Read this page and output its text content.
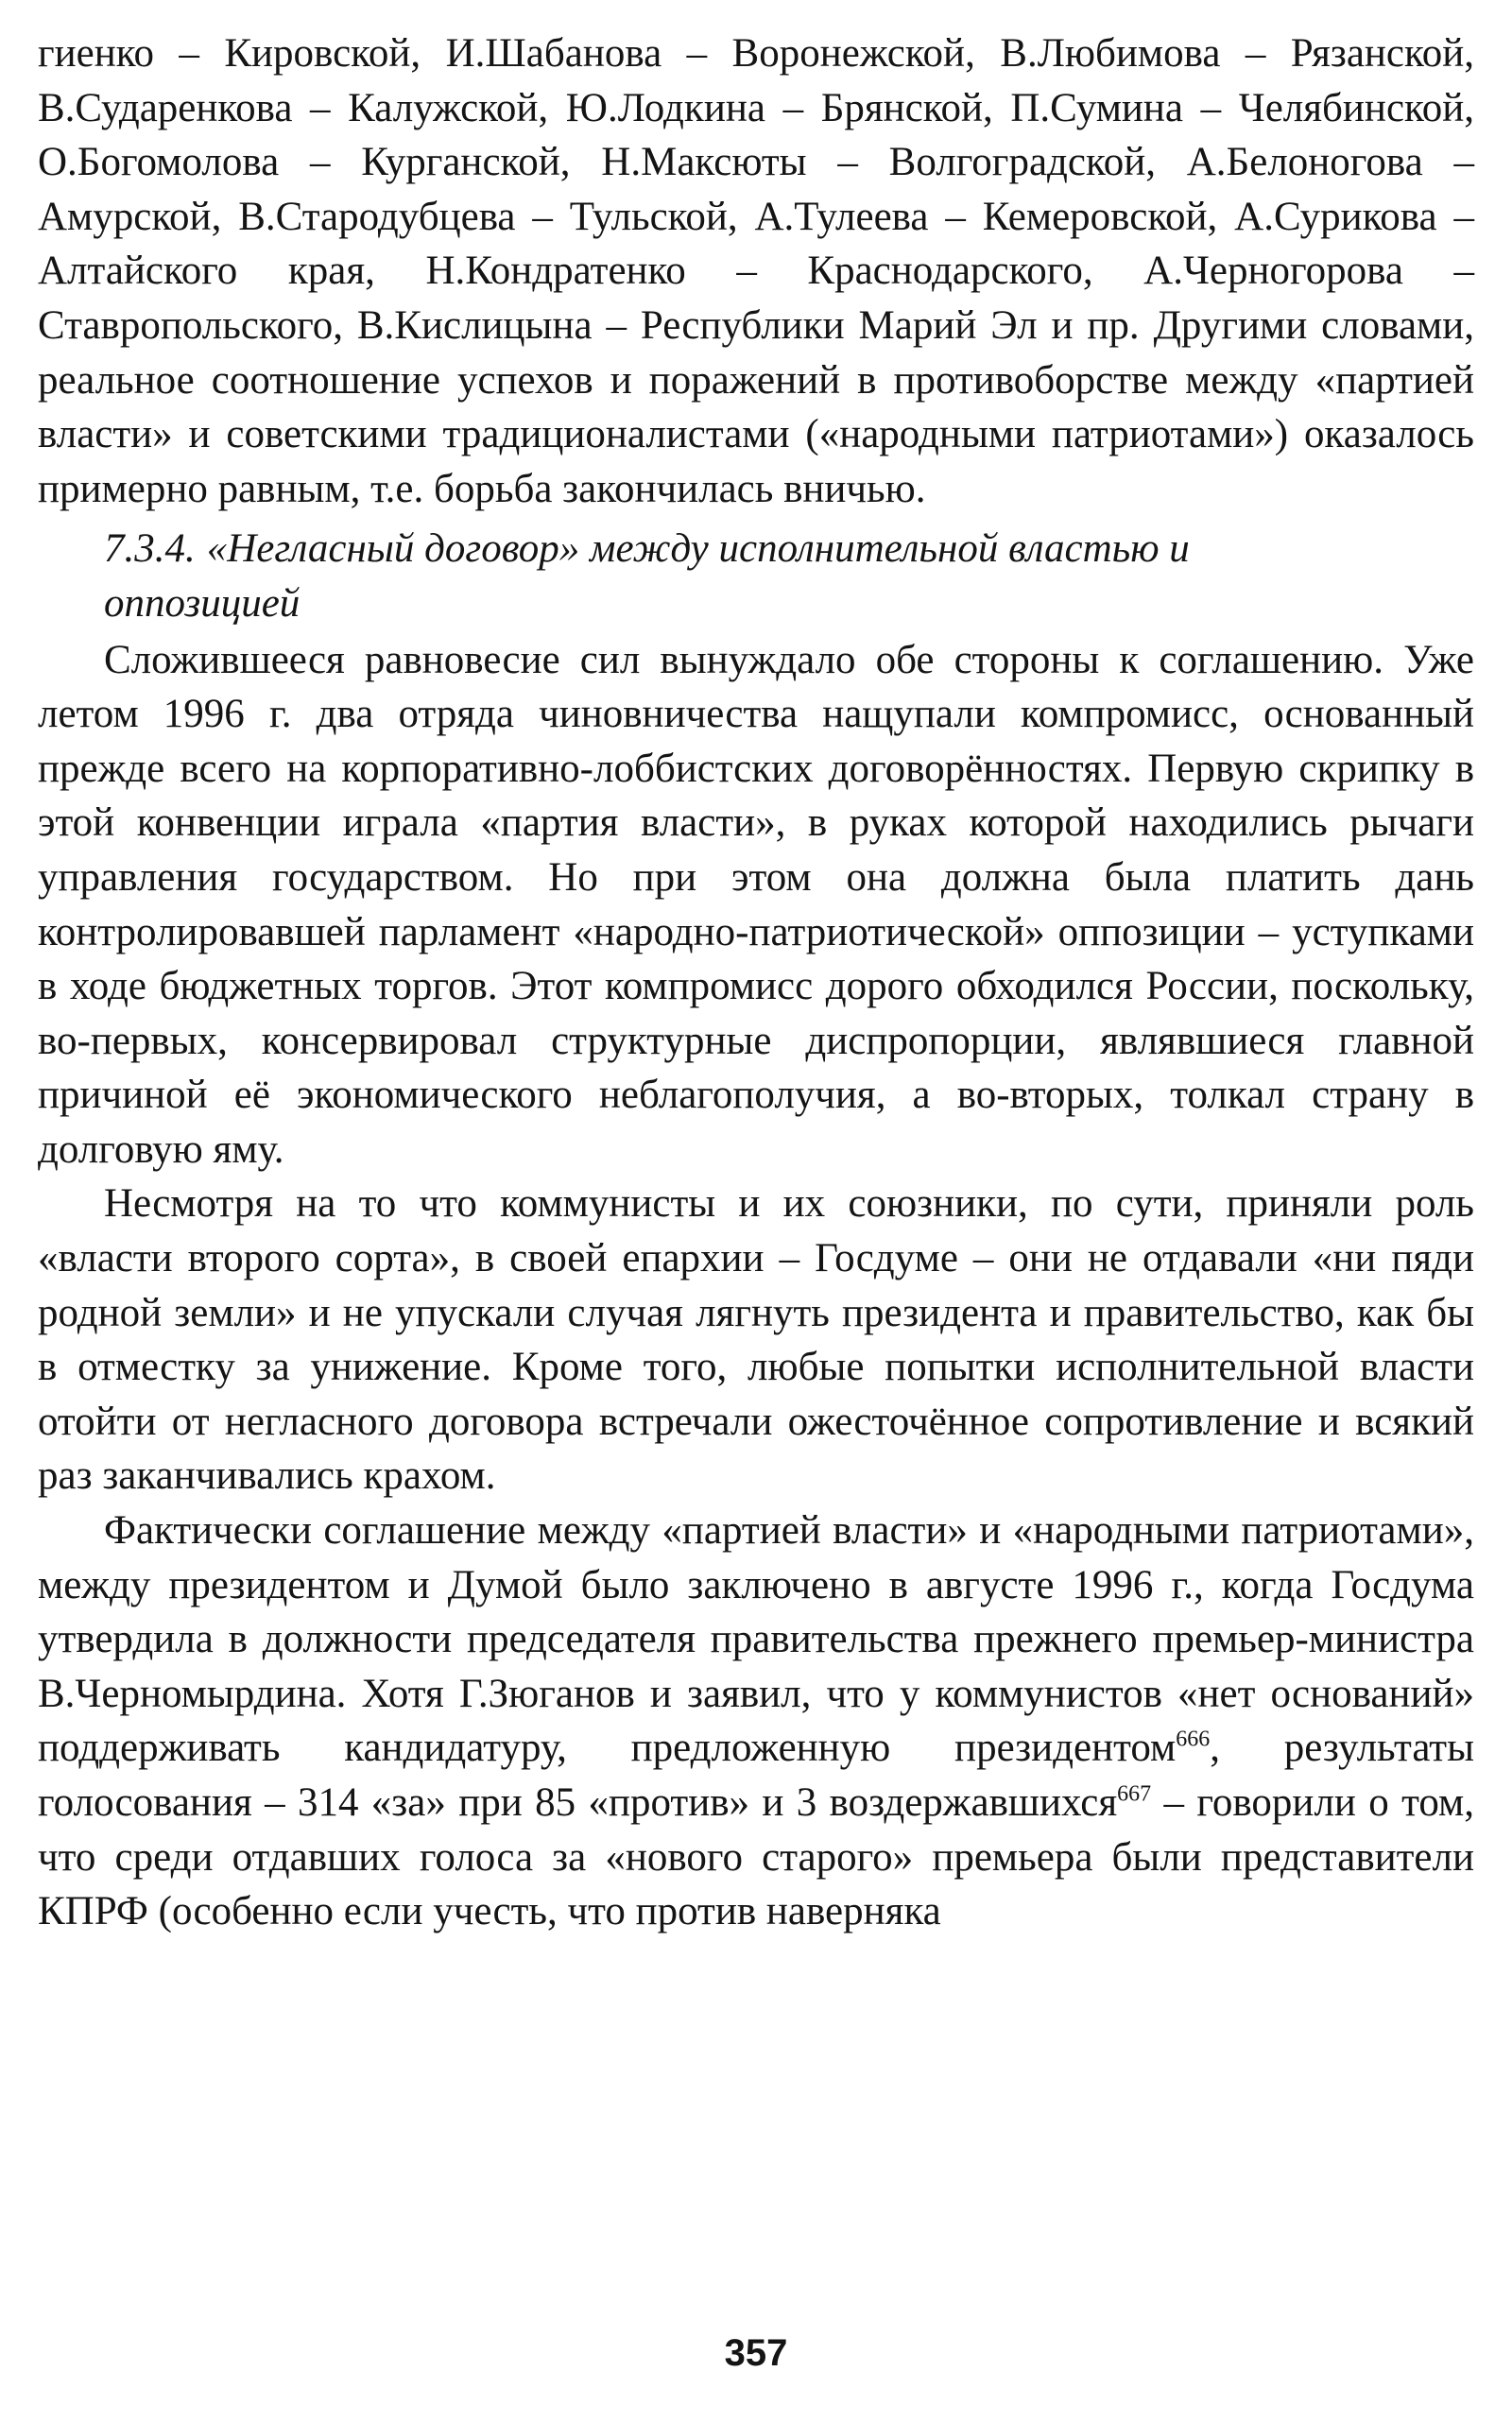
гиенко – Кировской, И.Шабанова – Воронежской, В.Любимова – Рязанской, В.Судаpенкова – Калужской, Ю.Лодкина – Брянской, П.Сумина – Челябинской, О.Богомолова – Курганской, Н.Максюты – Волгоградской, А.Белоногова – Амурской, В.Стародубцева – Тульской, А.Тулеева – Кемеровской, А.Сурикова – Алтайского края, Н.Кондратенко – Краснодарского, А.Черногорова – Ставропольского, В.Кислицына – Республики Марий Эл и пр. Другими словами, реальное соотношение успехов и поражений в противоборстве между «партией власти» и советскими традиционалистами («народными патриотами») оказалось примерно равным, т.е. борьба закончилась вничью.

7.3.4. «Негласный договор» между исполнительной властью и оппозицией

Сложившееся равновесие сил вынуждало обе стороны к соглашению. Уже летом 1996 г. два отряда чиновничества нащупали компромисс, основанный прежде всего на корпоративно-лоббистских договорённостях. Первую скрипку в этой конвенции играла «партия власти», в руках которой находились рычаги управления государством. Но при этом она должна была платить дань контролировавшей парламент «народно-патриотической» оппозиции – уступками в ходе бюджетных торгов. Этот компромисс дорого обходился России, поскольку, во-первых, консервировал структурные диспропорции, являвшиеся главной причиной её экономического неблагополучия, а во-вторых, толкал страну в долговую яму.

Несмотря на то что коммунисты и их союзники, по сути, приняли роль «власти второго сорта», в своей епархии – Госдуме – они не отдавали «ни пяди родной земли» и не упускали случая лягнуть президента и правительство, как бы в отместку за унижение. Кроме того, любые попытки исполнительной власти отойти от негласного договора встречали ожесточённое сопротивление и всякий раз заканчивались крахом.

Фактически соглашение между «партией власти» и «народными патриотами», между президентом и Думой было заключено в августе 1996 г., когда Госдума утвердила в должности председателя правительства прежнего премьер-министра В.Черномырдина. Хотя Г.Зюганов и заявил, что у коммунистов «нет оснований» поддерживать кандидатуру, предложенную президентом$^{666}$, результаты голосования – 314 «за» при 85 «против» и 3 воздержавшихся$^{667}$ – говорили о том, что среди отдавших голоса за «нового старого» премьера были представители КПРФ (особенно если учесть, что против наверняка

357
